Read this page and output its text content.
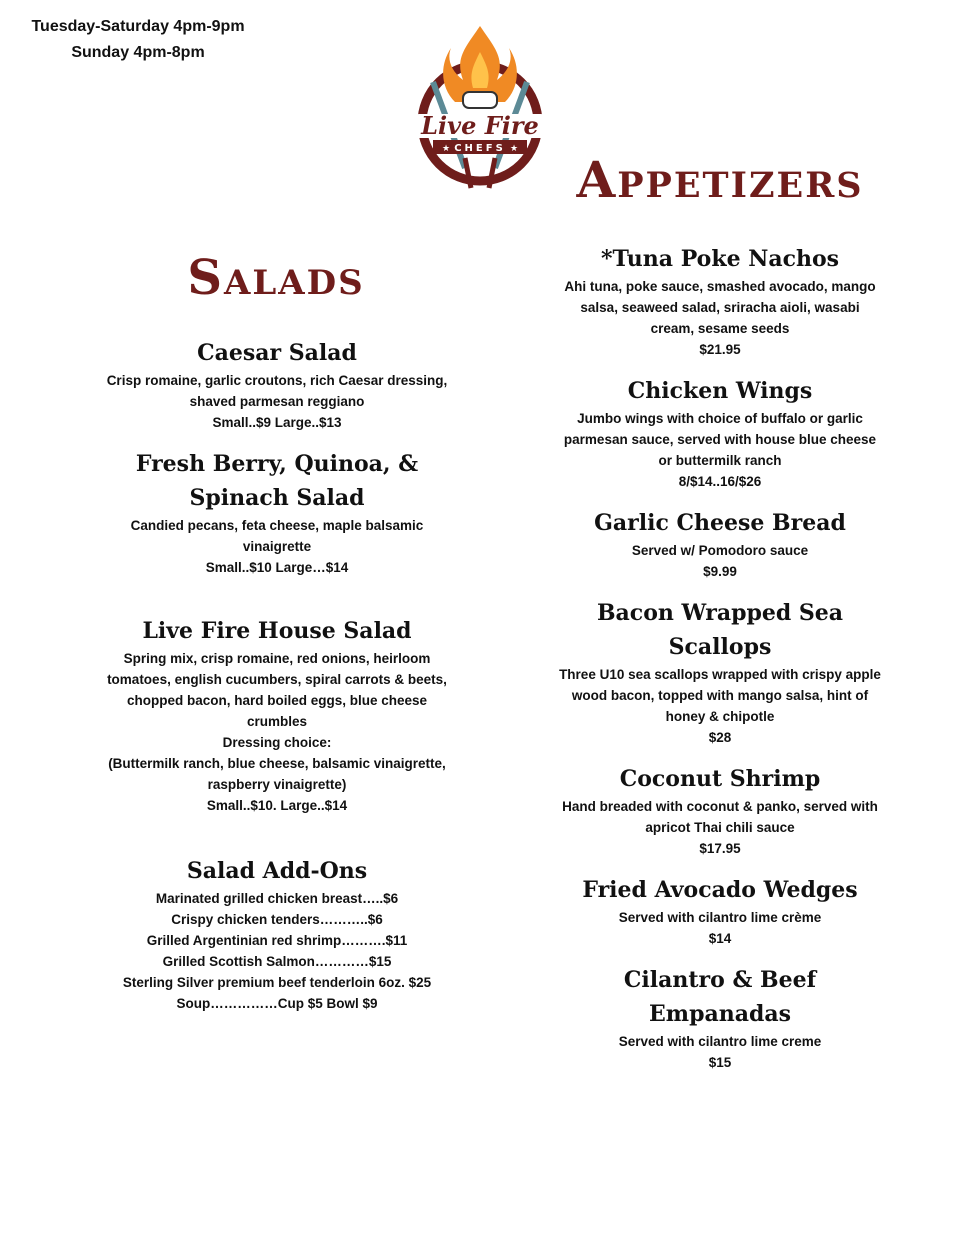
Tuesday-Saturday 4pm-9pm
Sunday 4pm-8pm
Live Fire
CHEFS
★	★
Salads
Appetizers
Caesar Salad

Crisp romaine, garlic croutons, rich Caesar dressing, shaved parmesan reggiano

Small..$9 Large..$13

Fresh Berry, Quinoa, & Spinach Salad

Candied pecans, feta cheese, maple balsamic vinaigrette

Small..$10 Large…$14

Live Fire House Salad

Spring mix, crisp romaine, red onions, heirloom tomatoes, english cucumbers, spiral carrots & beets, chopped bacon, hard boiled eggs, blue cheese crumbles

Dressing choice:

(Buttermilk ranch, blue cheese, balsamic vinaigrette, raspberry vinaigrette)

Small..$10. Large..$14

Salad Add-Ons

Marinated grilled chicken breast…..$6

Crispy chicken tenders………..$6

Grilled Argentinian red shrimp……….$11

Grilled Scottish Salmon…………$15

Sterling Silver premium beef tenderloin 6oz. $25

Soup……………Cup $5 Bowl $9

*Tuna Poke Nachos

Ahi tuna, poke sauce, smashed avocado, mango salsa, seaweed salad, sriracha aioli, wasabi cream, sesame seeds

$21.95

Chicken Wings

Jumbo wings with choice of buffalo or garlic parmesan sauce, served with house blue cheese or buttermilk ranch

8/$14..16/$26

Garlic Cheese Bread

Served w/ Pomodoro sauce

$9.99

Bacon Wrapped Sea Scallops

Three U10 sea scallops wrapped with crispy apple wood bacon, topped with mango salsa, hint of honey & chipotle

$28

Coconut Shrimp

Hand breaded with coconut & panko, served with apricot Thai chili sauce

$17.95

Fried Avocado Wedges

Served with cilantro lime crème

$14

Cilantro & Beef Empanadas

Served with cilantro lime creme

$15
